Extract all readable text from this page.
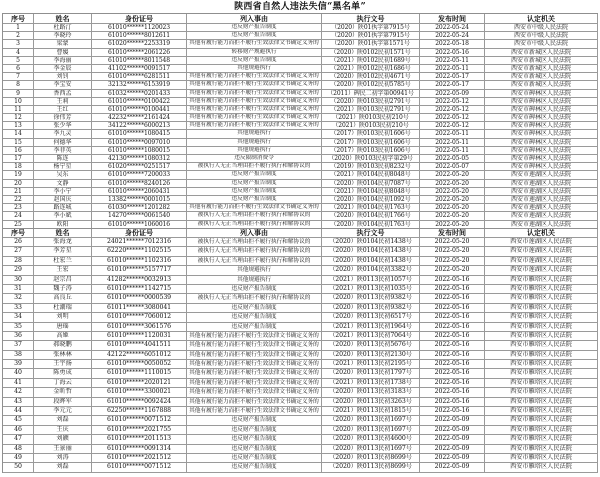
陕西省自然人违法失信“黑名单”
序号	姓名	身份证号	列入事由	执行文号	发布时间	认定机关
1	杜路汀	61010******1120023	违反财产报告制度	（2020）陕01执字第7915号	2022-05-24	西安市中级人民法院
2	李晓玲	61010******8012611	违反财产报告制度	（2020）陕01执字第7915号	2022-05-24	西安市中级人民法院
3	梁蒙	61020******2253319	其他有履行能力而拒不履行生效法律文书确定义务的	（2020）陕01执字第1571号	2022-05-18	西安市中级人民法院
4	曹媛	61010******2061226	转移财产规避执行	（2020）陕0102民初1571号	2022-05-16	西安市新城区人民法院
5	李海丽	61010******8011548	违反财产报告制度	（2021）陕0102民初1689号	2022-05-11	西安市新城区人民法院
6	李金辰	41102******0091517	其他规避执行	（2021）陕0102民初1686号	2022-05-11	西安市新城区人民法院
7	刘钊	61010******6281511	其他有履行能力而拒不履行生效法律文书确定义务的	（2020）陕0102民初4671号	2022-05-17	西安市新城区人民法院
8	李宝安	32132******6153919	其他有履行能力而拒不履行生效法律文书确定义务的	（2020）陕0102民初5785号	2022-05-17	西安市新城区人民法院
9	香西孟	61032******0201433	其他有履行能力而拒不履行生效法律文书确定义务的	（2011）碑民二初字第00941号	2022-05-09	西安市碑林区人民法院
10	王莉	61010******0100422	其他有履行能力而拒不履行生效法律文书确定义务的	（2020）陕0103民初2791号	2022-05-12	西安市碑林区人民法院
11	王红	61010******0100441	其他有履行能力而拒不履行生效法律文书确定义务的	（2021）陕0103民初2791号	2022-05-12	西安市碑林区人民法院
12	徐伟芳	42232******2161424	其他有履行能力而拒不履行生效法律文书确定义务的	（2021）陕0103民初210号	2022-05-12	西安市碑林区人民法院
13	张少华	34122******6000213	其他有履行能力而拒不履行生效法律文书确定义务的	（2021）陕0103民初210号	2022-05-12	西安市碑林区人民法院
14	李九灵	61010******1080415	其他规避执行	（2017）陕0103民初1606号	2022-05-11	西安市碑林区人民法院
15	何德华	61010******0097010	其他规避执行	（2017）陕0103民初1606号	2022-05-11	西安市碑林区人民法院
16	李菲英	61010******1080015	其他规避执行	（2017）陕0103民初1606号	2022-05-11	西安市碑林区人民法院
17	陈连	42130******1080312	违反限制消费令	（2020）陕0103民初字第29号	2022-05-05	西安市碑林区人民法院
18	杨宁星	61020******0251517	被执行人无正当理由拒不履行执行和解协议的	（2019）陕0103民初8232号	2022-05-07	西安市碑林区人民法院
19	吴东	61010******7200033	违反财产报告制度	（2021）陕0104民初8048号	2022-05-20	西安市莲湖区人民法院
20	文静	61010******8240126	违反财产报告制度	（2020）陕0104民初7087号	2022-05-20	西安市莲湖区人民法院
21	李小宁	61010******2060431	违反财产报告制度	（2021）陕0104民初8048号	2022-05-20	西安市莲湖区人民法院
22	赵国庆	13382******0001015	违反财产报告制度	（2020）陕0104民初1092号	2022-05-20	西安市莲湖区人民法院
23	路连城	61030******1201282	其他有履行能力而拒不履行生效法律文书确定义务的	（2021）陕0104民初1763号	2022-05-20	西安市莲湖区人民法院
24	李小斌	14270******0061540	被执行人无正当理由拒不履行执行和解协议的	（2020）陕0104民初1766号	2022-05-20	西安市莲湖区人民法院
25	欧阳	61010******1060016	被执行人无正当理由拒不履行执行和解协议的	（2020）陕0104民初1763号	2022-05-20	西安市莲湖区人民法院
序号	姓名	身份证号	列入事由	执行文号	发布时间	认定机关
26	张海龙	24021******7012316	被执行人无正当理由拒不履行执行和解协议的	（2020）陕0104民初1438号	2022-05-20	西安市莲湖区人民法院
27	李芳星	62220******1102515	被执行人无正当理由拒不履行执行和解协议的	（2020）陕0104民初1438号	2022-05-20	西安市莲湖区人民法院
28	杜宏兰	61010******1102316	被执行人无正当理由拒不履行执行和解协议的	（2020）陕0104民初1438号	2022-05-20	西安市莲湖区人民法院
29	王宏	61010******5157717	其他规避执行	（2020）陕0104民初3382号	2022-05-20	西安市莲湖区人民法院
30	赵宗昌	41282******0032913	其他规避执行	（2021）陕0113民初1057号	2022-05-16	西安市雁塔区人民法院
31	魏子涛	61010******1142715	违反财产报告制度	（2021）陕0113民初1035号	2022-05-16	西安市雁塔区人民法院
32	高良丘	61010******0000539	被执行人无正当理由拒不履行执行和解协议的	（2020）陕0113民初9382号	2022-05-16	西安市雁塔区人民法院
33	杜潮瑞	61011******3080041	违反财产报告制度	（2020）陕0113民初9382号	2022-05-16	西安市雁塔区人民法院
34	刘明	61010******7060012	违反财产报告制度	（2020）陕0113民初6517号	2022-05-16	西安市雁塔区人民法院
35	唐瑶	61010******3061576	违反财产报告制度	（2021）陕0113民初1964号	2022-05-16	西安市雁塔区人民法院
36	高姬	61010******1120031	其他有履行能力而拒不履行生效法律文书确定义务的	（2021）陕0113民初7064号	2022-05-16	西安市雁塔区人民法院
37	郝晓鹏	61010******4041511	其他有履行能力而拒不履行生效法律文书确定义务的	（2020）陕0113民初5676号	2022-05-16	西安市雁塔区人民法院
38	张林林	42122******6051012	其他有履行能力而拒不履行生效法律文书确定义务的	（2020）陕0113民初2130号	2022-05-16	西安市雁塔区人民法院
39	王宇扬	61010******0050052	其他有履行能力而拒不履行生效法律文书确定义务的	（2021）陕0113民初2195号	2022-05-16	西安市雁塔区人民法院
40	陈勇成	61010******1110015	其他有履行能力而拒不履行生效法律文书确定义务的	（2020）陕0113民初1797号	2022-05-16	西安市雁塔区人民法院
41	丁海云	61010******2020121	其他有履行能力而拒不履行生效法律文书确定义务的	（2021）陕0113民初1738号	2022-05-16	西安市雁塔区人民法院
42	金昕哲	61010******3300021	其他有履行能力而拒不履行生效法律文书确定义务的	（2020）陕0113民初3183号	2022-05-16	西安市雁塔区人民法院
43	段晔军	61010******0092424	其他有履行能力而拒不履行生效法律文书确定义务的	（2020）陕0113民初3263号	2022-05-16	西安市雁塔区人民法院
44	李元元	62250******1167888	其他有履行能力而拒不履行生效法律文书确定义务的	（2021）陕0113民初1815号	2022-05-16	西安市雁塔区人民法院
45	刘磊	61010******0071512	违反财产报告制度	（2020）陕0113民初1697号	2022-05-09	西安市雁塔区人民法院
46	王庆	61010******2021755	违反财产报告制度	（2020）陕0113民初1697号	2022-05-09	西安市雁塔区人民法院
47	刘颢	61010******2011513	违反财产报告制度	（2020）陕0113民初4600号	2022-05-09	西安市雁塔区人民法院
48	王景丽	61010******0091314	违反财产报告制度	（2020）陕0113民初1697号	2022-05-09	西安市雁塔区人民法院
49	刘涛	61010******2021512	违反财产报告制度	（2020）陕0113民初8699号	2022-05-09	西安市雁塔区人民法院
50	刘磊	61010******0071512	违反财产报告制度	（2020）陕0113民初8699号	2022-05-09	西安市雁塔区人民法院
